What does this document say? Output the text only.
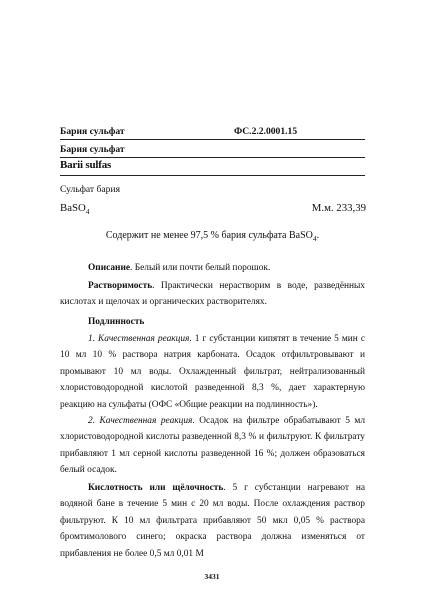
Бария сульфат	ФС.2.2.0001.15
Бария сульфат
Barii sulfas
Сульфат бария
BaSO$_4$	М.м. 233,39
Содержит не менее 97,5 % бария сульфата BaSO$_4$.
Описание. Белый или почти белый порошок.
Растворимость. Практически нерастворим в воде, разведённых кислотах и щелочах и органических растворителях.
Подлинность
1. Качественная реакция. 1 г субстанции кипятят в течение 5 мин с 10 мл 10 % раствора натрия карбоната. Осадок отфильтровывают и промывают 10 мл воды. Охлажденный фильтрат, нейтрализованный хлористоводородной кислотой разведенной 8,3 %, дает характерную реакцию на сульфаты (ОФС «Общие реакции на подлинность»).
2. Качественная реакция. Осадок на фильтре обрабатывают 5 мл хлористоводородной кислоты разведенной 8,3 % и фильтруют. К фильтрату прибавляют 1 мл серной кислоты разведенной 16 %; должен образоваться белый осадок.
Кислотность или щёлочность. 5 г субстанции нагревают на водяной бане в течение 5 мин с 20 мл воды. После охлаждения раствор фильтруют. К 10 мл фильтрата прибавляют 50 мкл 0,05 % раствора бромтимолового синего; окраска раствора должна изменяться от прибавления не более 0,5 мл 0,01 М
3431
